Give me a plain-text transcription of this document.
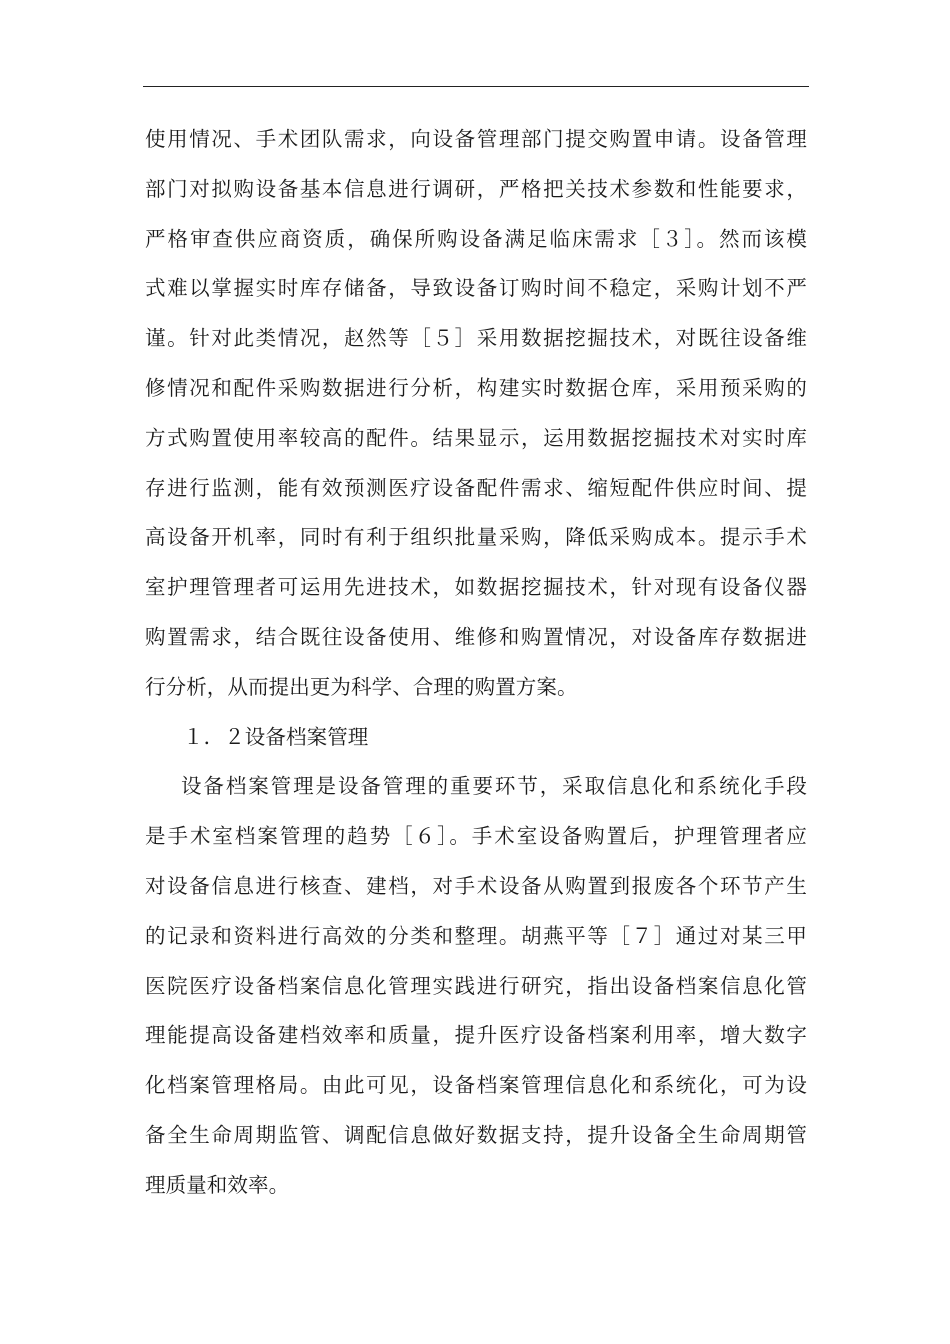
使用情况、手术团队需求，向设备管理部门提交购置申请。设备管理
部门对拟购设备基本信息进行调研，严格把关技术参数和性能要求，
严格审查供应商资质，确保所购设备满足临床需求［３］。然而该模
式难以掌握实时库存储备，导致设备订购时间不稳定，采购计划不严
谨。针对此类情况，赵然等［５］采用数据挖掘技术，对既往设备维
修情况和配件采购数据进行分析，构建实时数据仓库，采用预采购的
方式购置使用率较高的配件。结果显示，运用数据挖掘技术对实时库
存进行监测，能有效预测医疗设备配件需求、缩短配件供应时间、提
高设备开机率，同时有利于组织批量采购，降低采购成本。提示手术
室护理管理者可运用先进技术，如数据挖掘技术，针对现有设备仪器
购置需求，结合既往设备使用、维修和购置情况，对设备库存数据进
行分析，从而提出更为科学、合理的购置方案。
１．２设备档案管理
设备档案管理是设备管理的重要环节，采取信息化和系统化手段
是手术室档案管理的趋势［６］。手术室设备购置后，护理管理者应
对设备信息进行核查、建档，对手术设备从购置到报废各个环节产生
的记录和资料进行高效的分类和整理。胡燕平等［７］通过对某三甲
医院医疗设备档案信息化管理实践进行研究，指出设备档案信息化管
理能提高设备建档效率和质量，提升医疗设备档案利用率，增大数字
化档案管理格局。由此可见，设备档案管理信息化和系统化，可为设
备全生命周期监管、调配信息做好数据支持，提升设备全生命周期管
理质量和效率。
